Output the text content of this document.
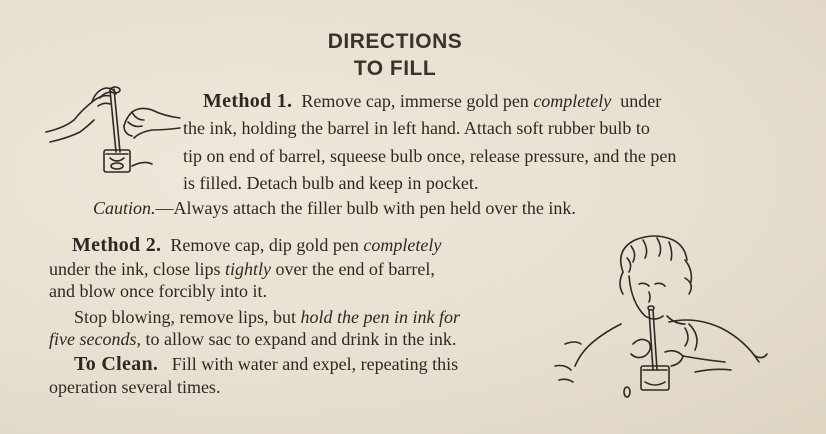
DIRECTIONS
TO FILL
Method 1. Remove cap, immerse gold pen completely under
the ink, holding the barrel in left hand. Attach soft rubber bulb to
tip on end of barrel, squeese bulb once, release pressure, and the pen
is filled. Detach bulb and keep in pocket.
Caution.—Always attach the filler bulb with pen held over the ink.
Method 2. Remove cap, dip gold pen completely
under the ink, close lips tightly over the end of barrel,
and blow once forcibly into it.
Stop blowing, remove lips, but hold the pen in ink for
five seconds, to allow sac to expand and drink in the ink.
To Clean. Fill with water and expel, repeating this
operation several times.
